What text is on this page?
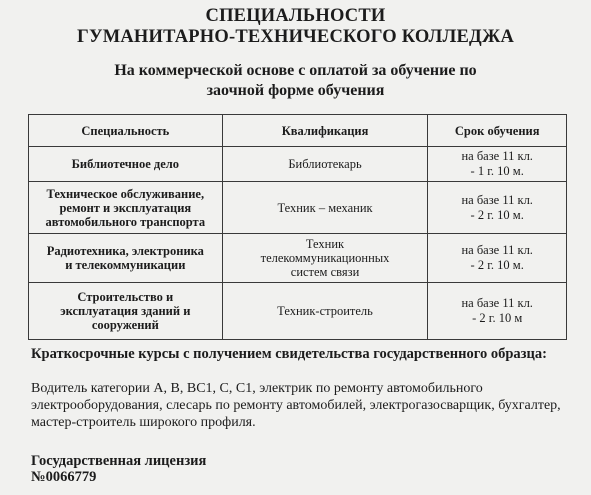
СПЕЦИАЛЬНОСТИ
ГУМАНИТАРНО-ТЕХНИЧЕСКОГО КОЛЛЕДЖА
На коммерческой основе с оплатой за обучение по
заочной форме обучения
Специальность	Квалификация	Срок обучения

Библиотечное дело	Библиотекарь	на базе 11 кл.
- 1 г. 10 м.

Техническое обслуживание,
ремонт и эксплуатация
автомобильного транспорта	Техник – механик	на базе 11 кл.
- 2 г. 10 м.

Радиотехника, электроника
и телекоммуникации	Техник
телекоммуникационных
систем связи	на базе 11 кл.
- 2 г. 10 м.

Строительство и
эксплуатация зданий и
сооружений	Техник-строитель	на базе 11 кл.
- 2 г. 10 м
Краткосрочные курсы с получением свидетельства государственного образца:
Водитель категории А, В, ВС1, С, С1, электрик по ремонту автомобильного электрооборудования, слесарь по ремонту автомобилей, электрогазосварщик, бухгалтер, мастер-строитель широкого профиля.
Государственная лицензия
№0066779
